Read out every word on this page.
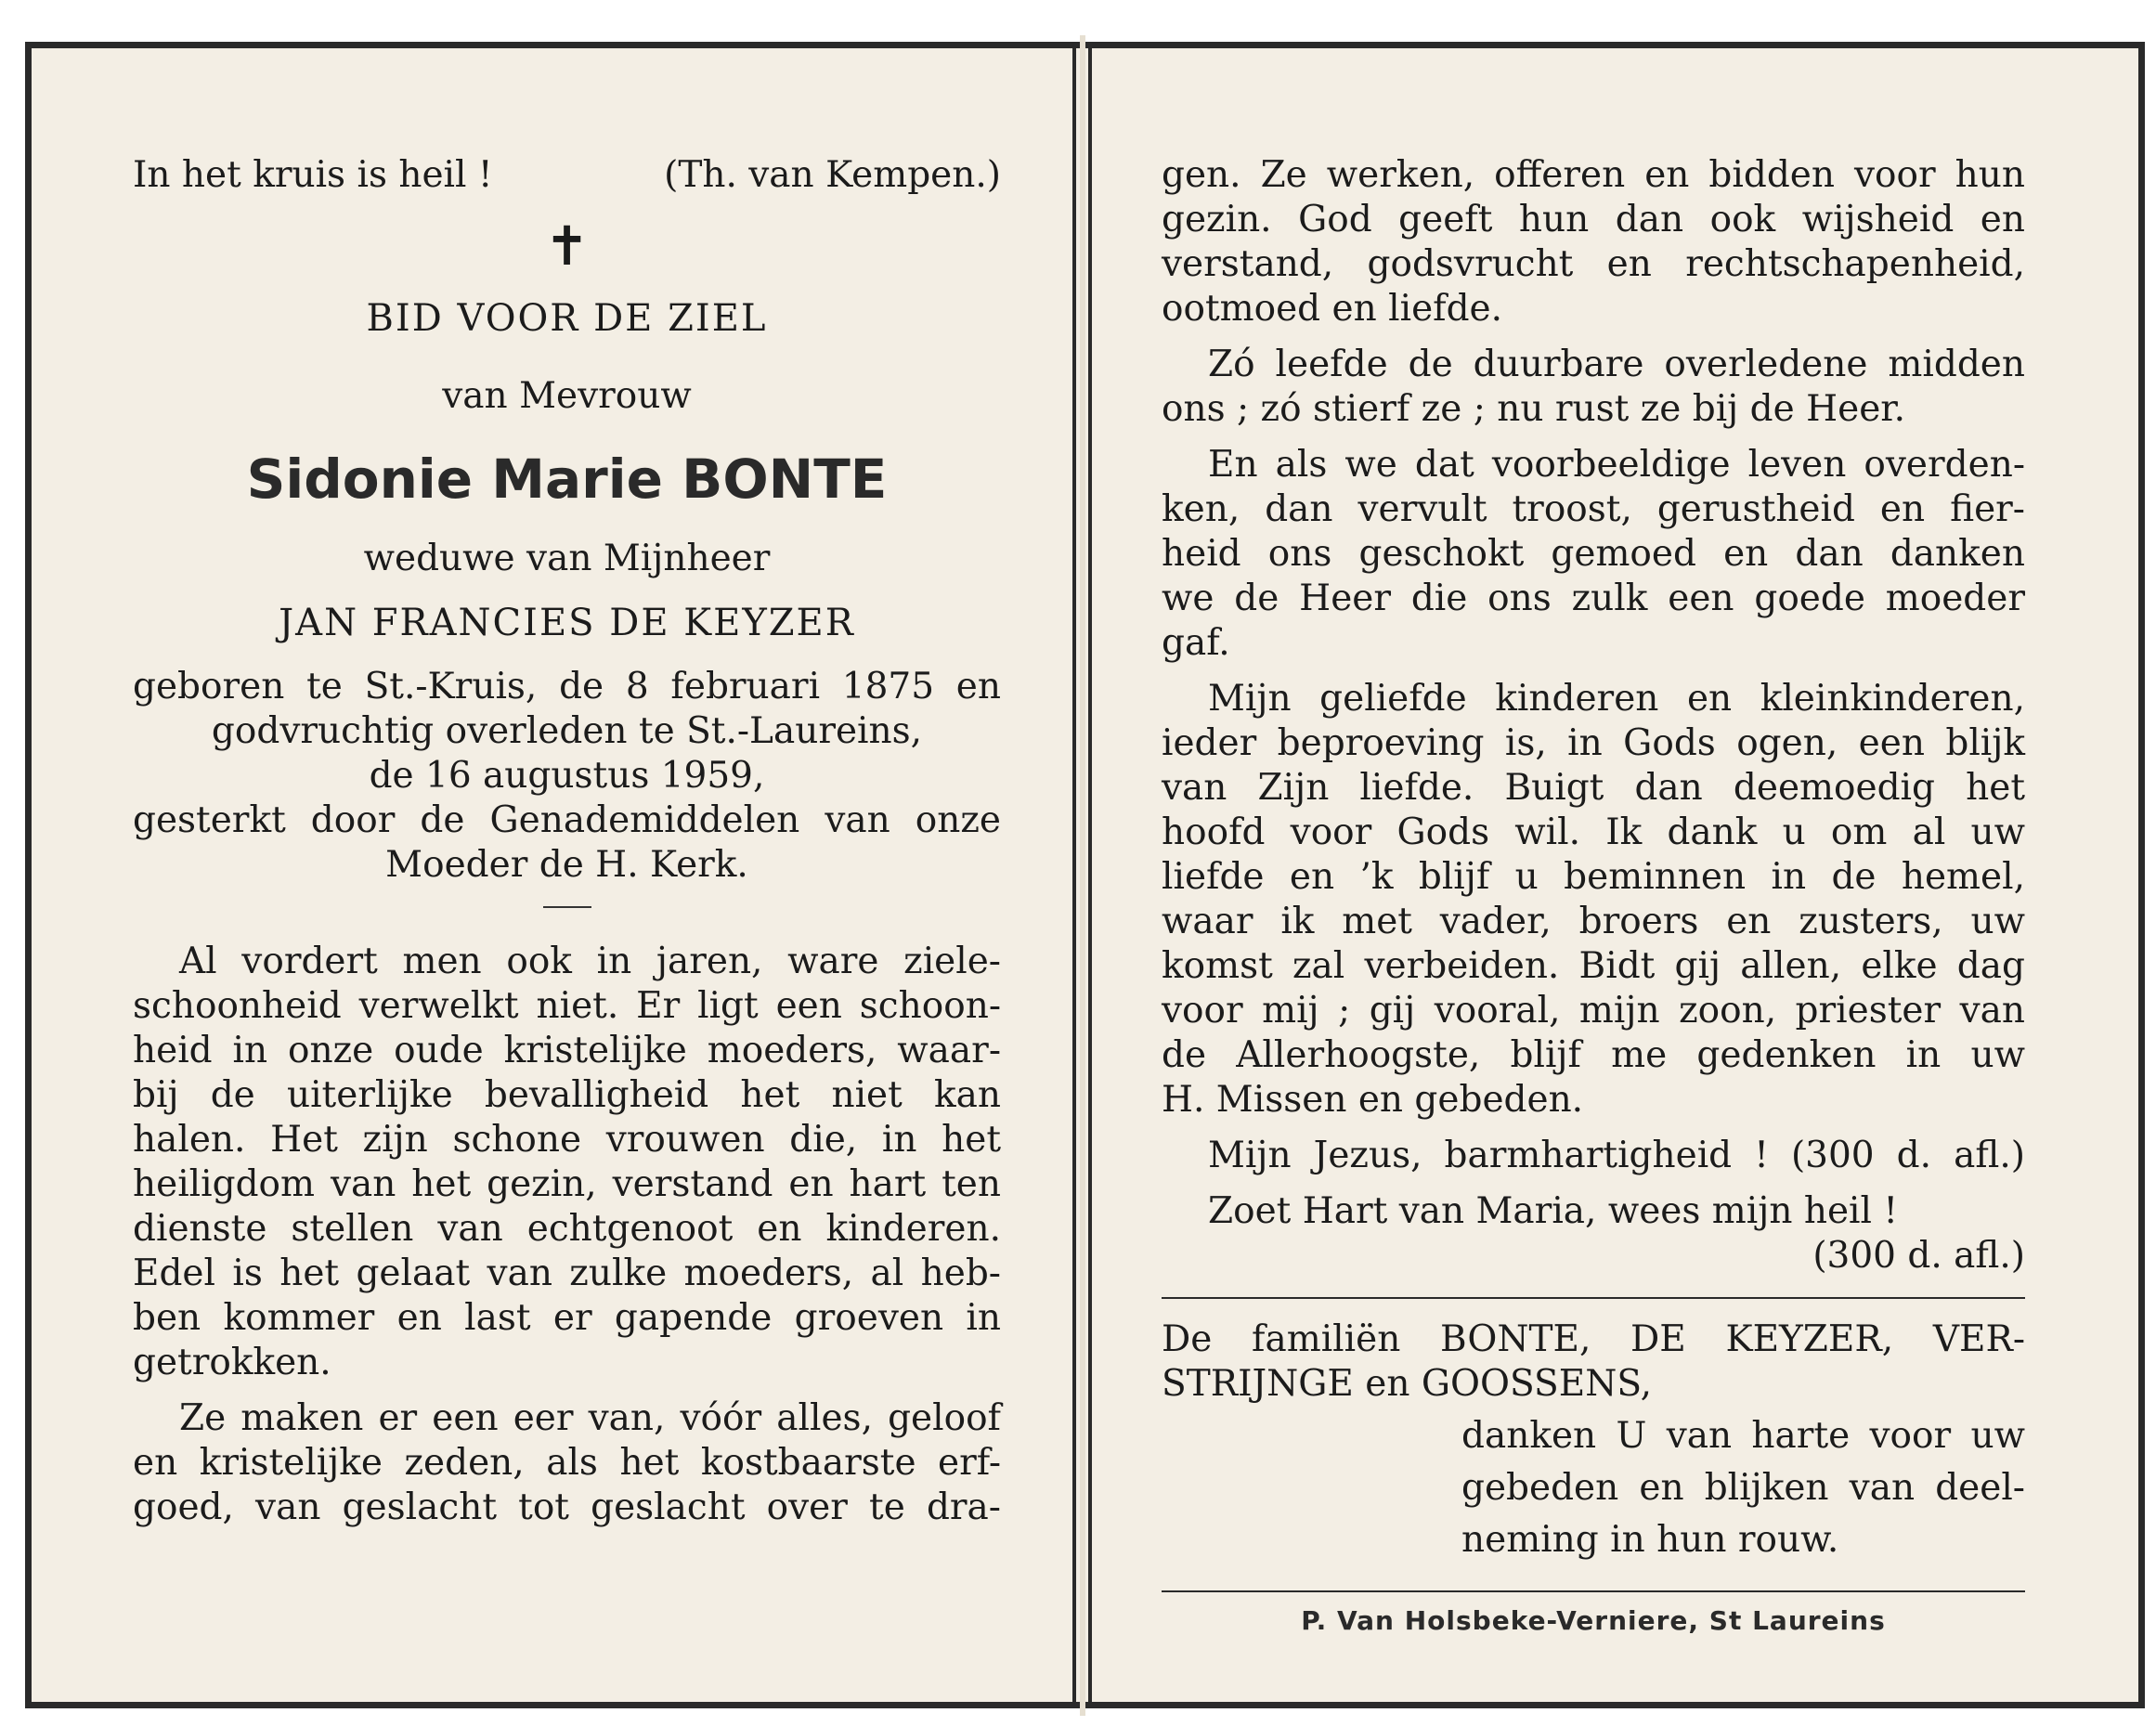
In het kruis is heil !	(Th. van Kempen.)
✝
BID VOOR DE ZIEL
van Mevrouw
Sidonie Marie BONTE
weduwe van Mijnheer
JAN FRANCIES DE KEYZER
geboren te St.-Kruis, de 8 februari 1875 en
godvruchtig overleden te St.-Laureins,
de 16 augustus 1959,
gesterkt door de Genademiddelen van onze
Moeder de H. Kerk.
Al vordert men ook in jaren, ware ziele-
schoonheid verwelkt niet. Er ligt een schoon-
heid in onze oude kristelijke moeders, waar-
bij de uiterlijke bevalligheid het niet kan
halen. Het zijn schone vrouwen die, in het
heiligdom van het gezin, verstand en hart ten
dienste stellen van echtgenoot en kinderen.
Edel is het gelaat van zulke moeders, al heb-
ben kommer en last er gapende groeven in
getrokken.
Ze maken er een eer van, vóór alles, geloof
en kristelijke zeden, als het kostbaarste erf-
goed, van geslacht tot geslacht over te dra-
gen. Ze werken, offeren en bidden voor hun
gezin. God geeft hun dan ook wijsheid en
verstand, godsvrucht en rechtschapenheid,
ootmoed en liefde.
Zó leefde de duurbare overledene midden
ons ; zó stierf ze ; nu rust ze bij de Heer.
En als we dat voorbeeldige leven overden-
ken, dan vervult troost, gerustheid en fier-
heid ons geschokt gemoed en dan danken
we de Heer die ons zulk een goede moeder
gaf.
Mijn geliefde kinderen en kleinkinderen,
ieder beproeving is, in Gods ogen, een blijk
van Zijn liefde. Buigt dan deemoedig het
hoofd voor Gods wil. Ik dank u om al uw
liefde en ’k blijf u beminnen in de hemel,
waar ik met vader, broers en zusters, uw
komst zal verbeiden. Bidt gij allen, elke dag
voor mij ; gij vooral, mijn zoon, priester van
de Allerhoogste, blijf me gedenken in uw
H. Missen en gebeden.
Mijn Jezus, barmhartigheid ! (300 d. afl.)
Zoet Hart van Maria, wees mijn heil !
(300 d. afl.)
De familiën BONTE, DE KEYZER, VER-
STRIJNGE en GOOSSENS,
danken U van harte voor uw
gebeden en blijken van deel-
neming in hun rouw.
P. Van Holsbeke-Verniere, St Laureins
